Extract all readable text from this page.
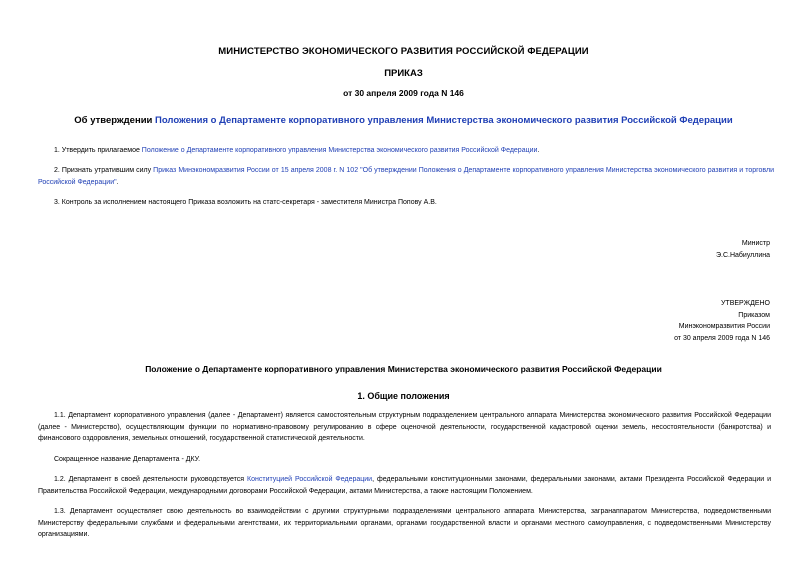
МИНИСТЕРСТВО ЭКОНОМИЧЕСКОГО РАЗВИТИЯ РОССИЙСКОЙ ФЕДЕРАЦИИ
ПРИКАЗ
от 30 апреля 2009 года N 146
Об утверждении Положения о Департаменте корпоративного управления Министерства экономического развития Российской Федерации
1. Утвердить прилагаемое Положение о Департаменте корпоративного управления Министерства экономического развития Российской Федерации.
2. Признать утратившим силу Приказ Минэкономразвития России от 15 апреля 2008 г. N 102 "Об утверждении Положения о Департаменте корпоративного управления Министерства экономического развития и торговли Российской Федерации".
3. Контроль за исполнением настоящего Приказа возложить на статс-секретаря - заместителя Министра Попову А.В.
Министр
Э.С.Набиуллина
УТВЕРЖДЕНО
Приказом
Минэкономразвития России
от 30 апреля 2009 года N 146
Положение о Департаменте корпоративного управления Министерства экономического развития Российской Федерации
1. Общие положения
1.1. Департамент корпоративного управления (далее - Департамент) является самостоятельным структурным подразделением центрального аппарата Министерства экономического развития Российской Федерации (далее - Министерство), осуществляющим функции по нормативно-правовому регулированию в сфере оценочной деятельности, государственной кадастровой оценки земель, несостоятельности (банкротства) и финансового оздоровления, земельных отношений, государственной статистической деятельности.
Сокращенное название Департамента - ДКУ.
1.2. Департамент в своей деятельности руководствуется Конституцией Российской Федерации, федеральными конституционными законами, федеральными законами, актами Президента Российской Федерации и Правительства Российской Федерации, международными договорами Российской Федерации, актами Министерства, а также настоящим Положением.
1.3. Департамент осуществляет свою деятельность во взаимодействии с другими структурными подразделениями центрального аппарата Министерства, загранаппаратом Министерства, подведомственными Министерству федеральными службами и федеральными агентствами, их территориальными органами, органами государственной власти и органами местного самоуправления, с подведомственными Министерству организациями.
